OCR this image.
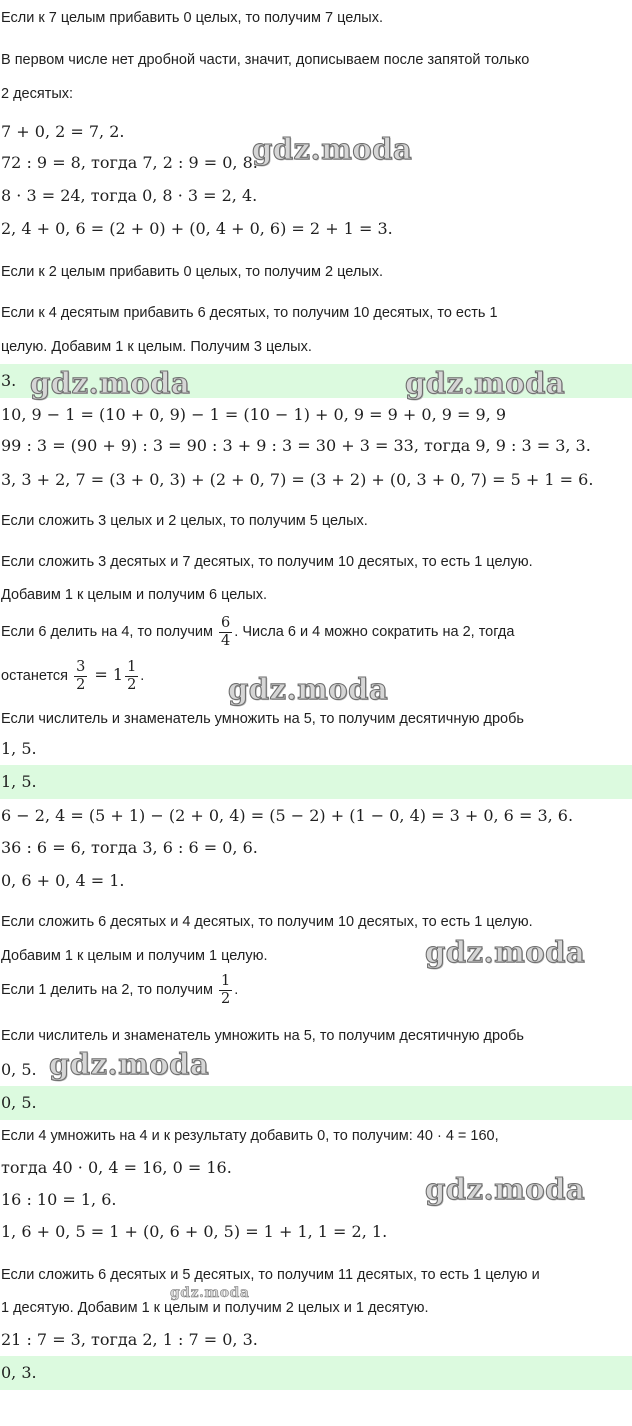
Если к 7 целым прибавить 0 целых, то получим 7 целых.
В первом числе нет дробной части, значит, дописываем после запятой только
2 десятых:
7 + 0, 2 = 7, 2.
72 : 9 = 8, тогда 7, 2 : 9 = 0, 8.
8 · 3 = 24, тогда 0, 8 · 3 = 2, 4.
2, 4 + 0, 6 = (2 + 0) + (0, 4 + 0, 6) = 2 + 1 = 3.
Если к 2 целым прибавить 0 целых, то получим 2 целых.
Если к 4 десятым прибавить 6 десятых, то получим 10 десятых, то есть 1
целую. Добавим 1 к целым. Получим 3 целых.
3.
10, 9 − 1 = (10 + 0, 9) − 1 = (10 − 1) + 0, 9 = 9 + 0, 9 = 9, 9
99 : 3 = (90 + 9) : 3 = 90 : 3 + 9 : 3 = 30 + 3 = 33, тогда 9, 9 : 3 = 3, 3.
3, 3 + 2, 7 = (3 + 0, 3) + (2 + 0, 7) = (3 + 2) + (0, 3 + 0, 7) = 5 + 1 = 6.
Если сложить 3 целых и 2 целых, то получим 5 целых.
Если сложить 3 десятых и 7 десятых, то получим 10 десятых, то есть 1 целую.
Добавим 1 к целым и получим 6 целых.
Если 6 делить на 4, то получим $\frac{6}{4}$ . Числа 6 и 4 можно сократить на 2, тогда
останется $\frac{3}{2} = 1 \frac{1}{2}$ .
Если числитель и знаменатель умножить на 5, то получим десятичную дробь
1, 5.
1, 5.
6 − 2, 4 = (5 + 1) − (2 + 0, 4) = (5 − 2) + (1 − 0, 4) = 3 + 0, 6 = 3, 6.
36 : 6 = 6, тогда 3, 6 : 6 = 0, 6.
0, 6 + 0, 4 = 1.
Если сложить 6 десятых и 4 десятых, то получим 10 десятых, то есть 1 целую.
Добавим 1 к целым и получим 1 целую.
Если 1 делить на 2, то получим $\frac{1}{2}$ .
Если числитель и знаменатель умножить на 5, то получим десятичную дробь
0, 5.
0, 5.
Если 4 умножить на 4 и к результату добавить 0, то получим: 40 · 4 = 160,
тогда 40 · 0, 4 = 16, 0 = 16.
16 : 10 = 1, 6.
1, 6 + 0, 5 = 1 + (0, 6 + 0, 5) = 1 + 1, 1 = 2, 1.
Если сложить 6 десятых и 5 десятых, то получим 11 десятых, то есть 1 целую и
1 десятую. Добавим 1 к целым и получим 2 целых и 1 десятую.
21 : 7 = 3, тогда 2, 1 : 7 = 0, 3.
0, 3.
gdz.moda
gdz.moda	gdz.moda
gdz.moda
gdz.moda
gdz.moda
gdz.moda
gdz.moda
